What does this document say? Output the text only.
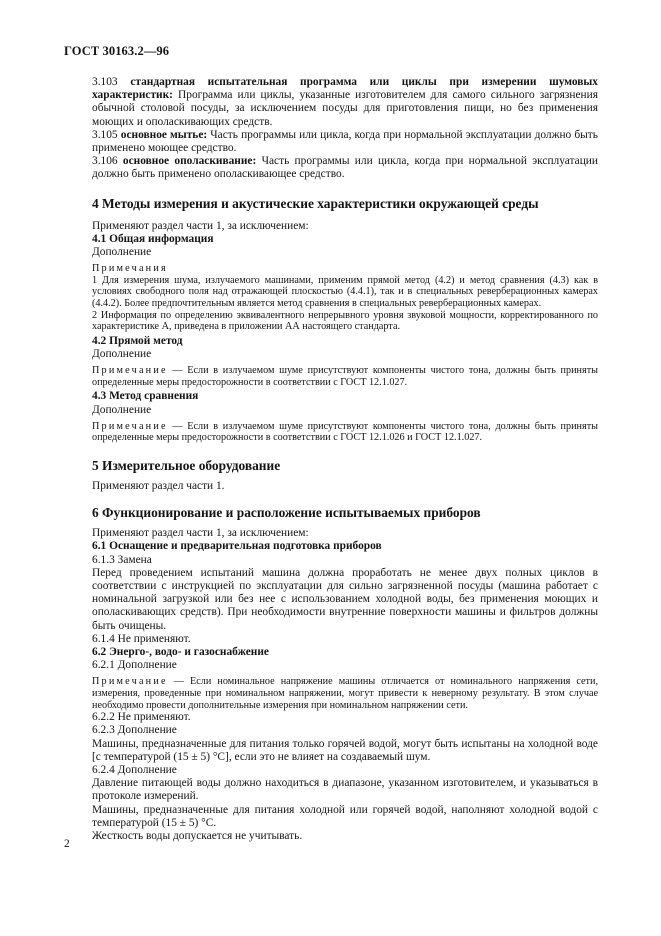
ГОСТ 30163.2—96

3.103 стандартная испытательная программа или циклы при измерении шумовых характеристик: Программа или циклы, указанные изготовителем для самого сильного загрязнения обычной столовой посуды, за исключением посуды для приготовления пищи, но без применения моющих и ополаскивающих средств.

3.105 основное мытье: Часть программы или цикла, когда при нормальной эксплуатации должно быть применено моющее средство.

3.106 основное ополаскивание: Часть программы или цикла, когда при нормальной эксплуатации должно быть применено ополаскивающее средство.

4 Методы измерения и акустические характеристики окружающей среды

Применяют раздел части 1, за исключением:

4.1 Общая информация

Дополнение

Примечания

1 Для измерения шума, излучаемого машинами, применим прямой метод (4.2) и метод сравнения (4.3) как в условиях свободного поля над отражающей плоскостью (4.4.1), так и в специальных реверберационных камерах (4.4.2). Более предпочтительным является метод сравнения в специальных реверберационных камерах.

2 Информация по определению эквивалентного непрерывного уровня звуковой мощности, корректированного по характеристике А, приведена в приложении АА настоящего стандарта.

4.2 Прямой метод

Дополнение

Примечание — Если в излучаемом шуме присутствуют компоненты чистого тона, должны быть приняты определенные меры предосторожности в соответствии с ГОСТ 12.1.027.

4.3 Метод сравнения

Дополнение

Примечание — Если в излучаемом шуме присутствуют компоненты чистого тона, должны быть приняты определенные меры предосторожности в соответствии с ГОСТ 12.1.026 и ГОСТ 12.1.027.

5 Измерительное оборудование

Применяют раздел части 1.

6 Функционирование и расположение испытываемых приборов

Применяют раздел части 1, за исключением:

6.1 Оснащение и предварительная подготовка приборов

6.1.3 Замена

Перед проведением испытаний машина должна проработать не менее двух полных циклов в соответствии с инструкцией по эксплуатации для сильно загрязненной посуды (машина работает с номинальной загрузкой или без нее с использованием холодной воды, без применения моющих и ополаскивающих средств). При необходимости внутренние поверхности машины и фильтров должны быть очищены.

6.1.4 Не применяют.

6.2 Энерго-, водо- и газоснабжение

6.2.1 Дополнение

Примечание — Если номинальное напряжение машины отличается от номинального напряжения сети, измерения, проведенные при номинальном напряжении, могут привести к неверному результату. В этом случае необходимо провести дополнительные измерения при номинальном напряжении сети.

6.2.2 Не применяют.

6.2.3 Дополнение

Машины, предназначенные для питания только горячей водой, могут быть испытаны на холодной воде [с температурой (15 ± 5) °С], если это не влияет на создаваемый шум.

6.2.4 Дополнение

Давление питающей воды должно находиться в диапазоне, указанном изготовителем, и указываться в протоколе измерений.

Машины, предназначенные для питания холодной или горячей водой, наполняют холодной водой с температурой (15 ± 5) °С.

Жесткость воды допускается не учитывать.

2
